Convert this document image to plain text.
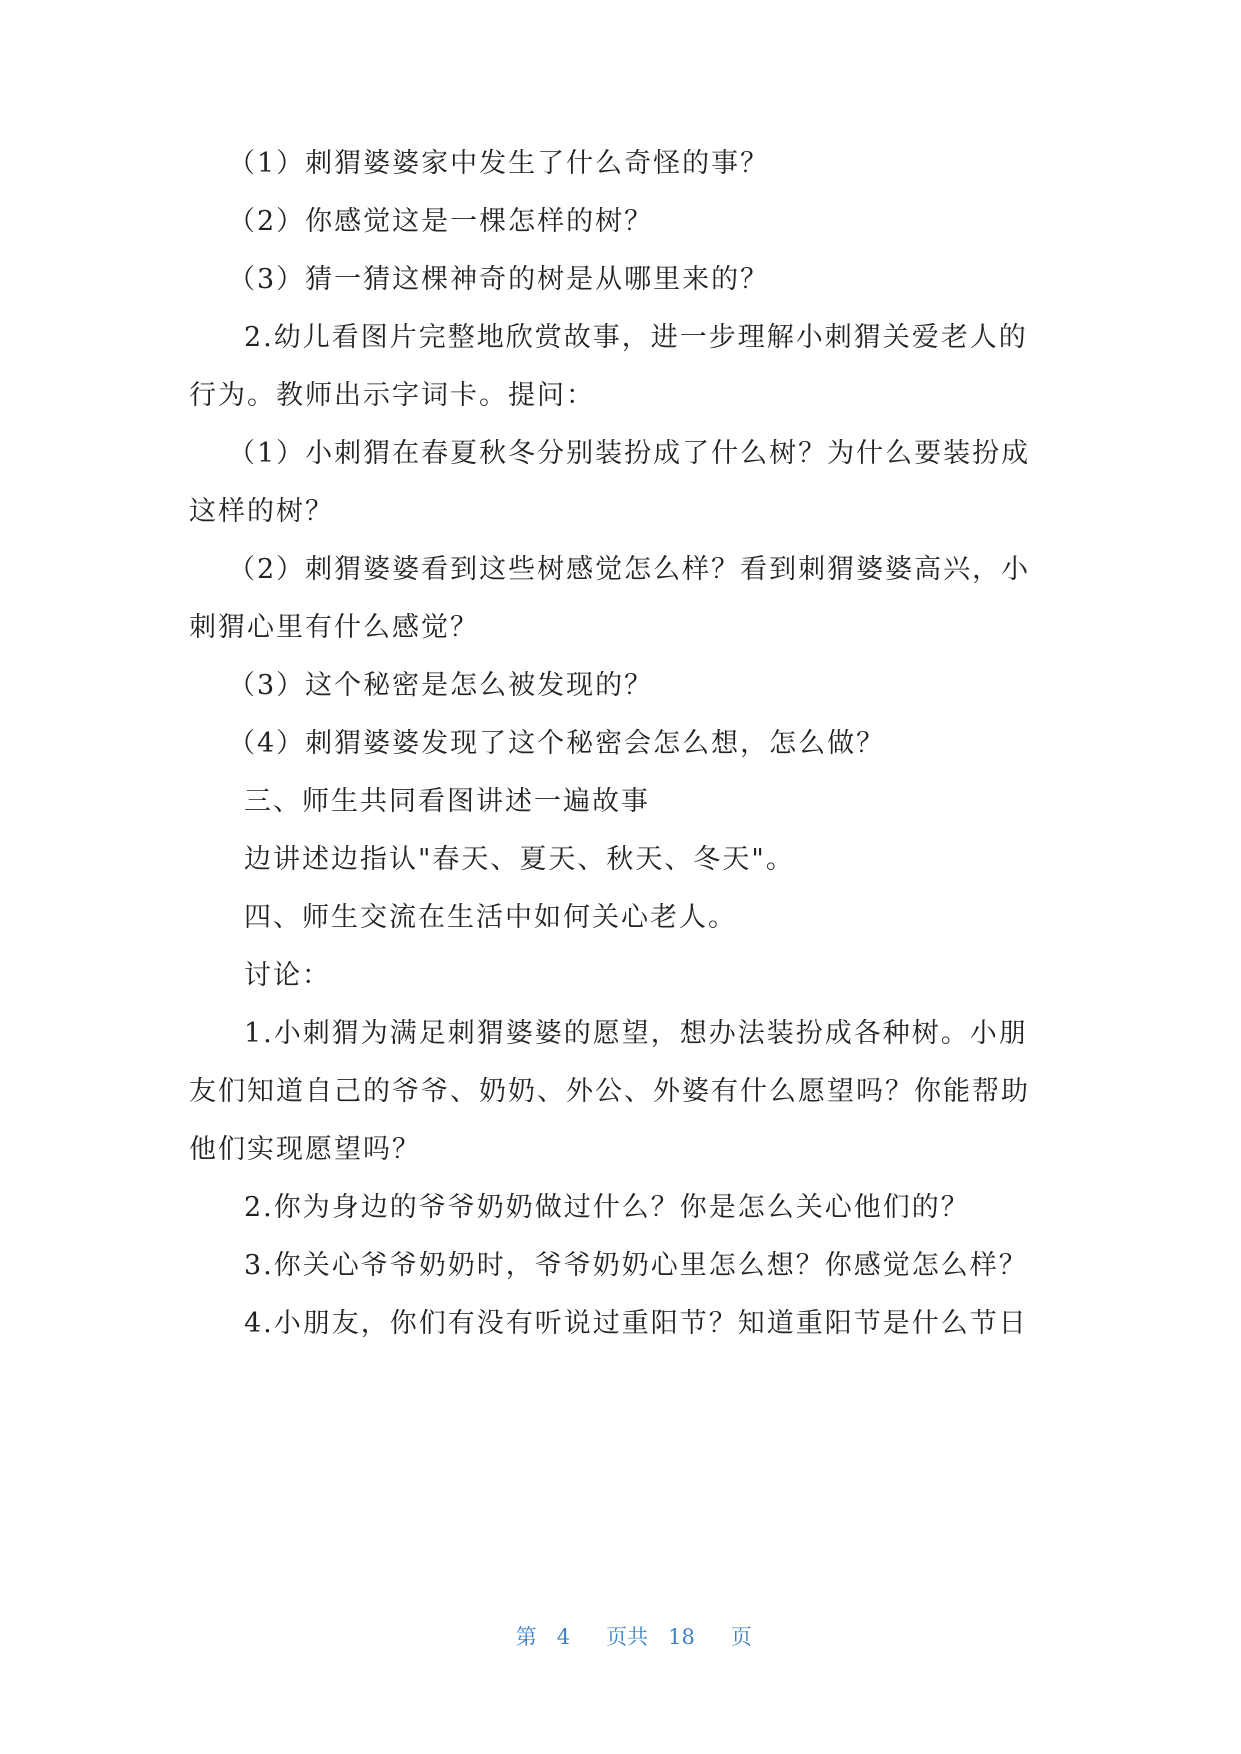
（1）刺猬婆婆家中发生了什么奇怪的事？
（2）你感觉这是一棵怎样的树？
（3）猜一猜这棵神奇的树是从哪里来的？
2.幼儿看图片完整地欣赏故事，进一步理解小刺猬关爱老人的
行为。教师出示字词卡。提问：
（1）小刺猬在春夏秋冬分别装扮成了什么树？为什么要装扮成
这样的树？
（2）刺猬婆婆看到这些树感觉怎么样？看到刺猬婆婆高兴，小
刺猬心里有什么感觉？
（3）这个秘密是怎么被发现的？
（4）刺猬婆婆发现了这个秘密会怎么想，怎么做？
三、师生共同看图讲述一遍故事
边讲述边指认"春天、夏天、秋天、冬天"。
四、师生交流在生活中如何关心老人。
讨论：
1.小刺猬为满足刺猬婆婆的愿望，想办法装扮成各种树。小朋
友们知道自己的爷爷、奶奶、外公、外婆有什么愿望吗？你能帮助
他们实现愿望吗？
2.你为身边的爷爷奶奶做过什么？你是怎么关心他们的？
3.你关心爷爷奶奶时，爷爷奶奶心里怎么想？你感觉怎么样？
4.小朋友，你们有没有听说过重阳节？知道重阳节是什么节日

第 4 页共 18 页
